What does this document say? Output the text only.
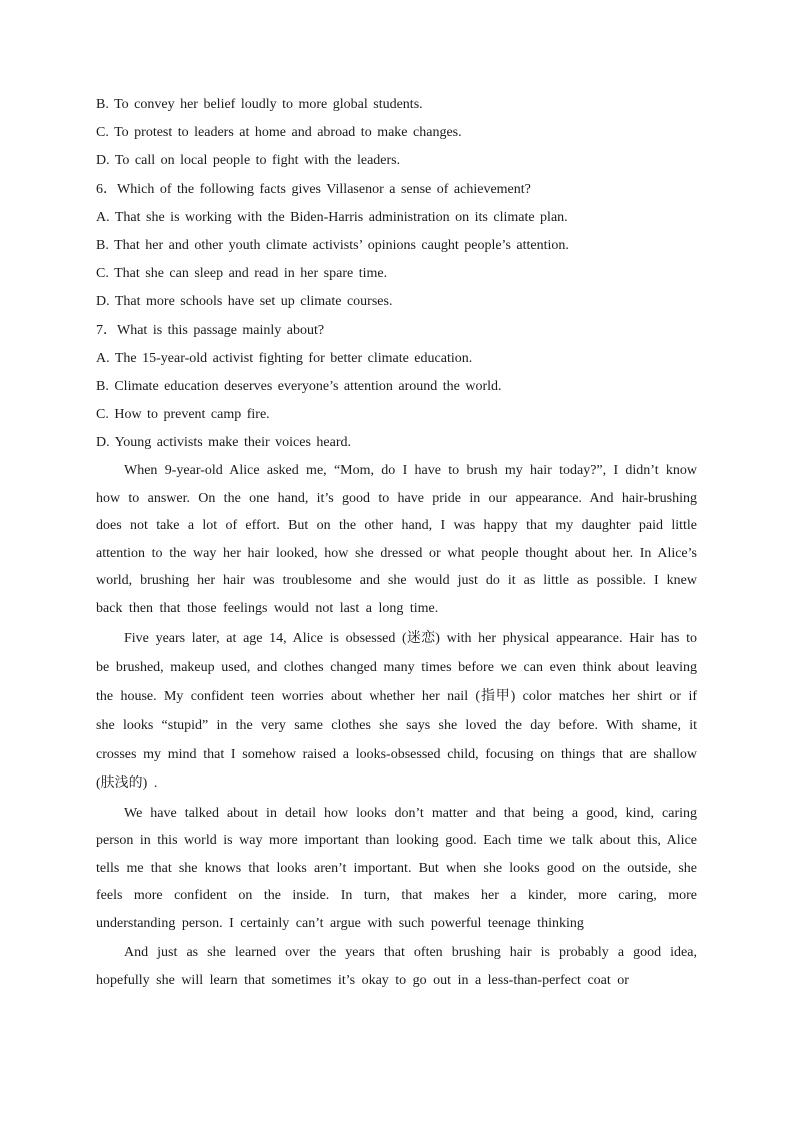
B. To convey her belief loudly to more global students.
C. To protest to leaders at home and abroad to make changes.
D. To call on local people to fight with the leaders.
6．Which of the following facts gives Villasenor a sense of achievement?
A. That she is working with the Biden-Harris administration on its climate plan.
B. That her and other youth climate activists’ opinions caught people’s attention.
C. That she can sleep and read in her spare time.
D. That more schools have set up climate courses.
7．What is this passage mainly about?
A. The 15-year-old activist fighting for better climate education.
B. Climate education deserves everyone’s attention around the world.
C. How to prevent camp fire.
D. Young activists make their voices heard.

When 9-year-old Alice asked me, “Mom, do I have to brush my hair today?”, I didn’t know how to answer. On the one hand, it’s good to have pride in our appearance. And hair-brushing does not take a lot of effort. But on the other hand, I was happy that my daughter paid little attention to the way her hair looked, how she dressed or what people thought about her. In Alice’s world, brushing her hair was troublesome and she would just do it as little as possible. I knew back then that those feelings would not last a long time.

Five years later, at age 14, Alice is obsessed (迷恋) with her physical appearance. Hair has to be brushed, makeup used, and clothes changed many times before we can even think about leaving the house. My confident teen worries about whether her nail (指甲) color matches her shirt or if she looks “stupid” in the very same clothes she says she loved the day before. With shame, it crosses my mind that I somehow raised a looks-obsessed child, focusing on things that are shallow (肤浅的) .

We have talked about in detail how looks don’t matter and that being a good, kind, caring person in this world is way more important than looking good. Each time we talk about this, Alice tells me that she knows that looks aren’t important. But when she looks good on the outside, she feels more confident on the inside. In turn, that makes her a kinder, more caring, more understanding person. I certainly can’t argue with such powerful teenage thinking

And just as she learned over the years that often brushing hair is probably a good idea, hopefully she will learn that sometimes it’s okay to go out in a less-than-perfect coat or
